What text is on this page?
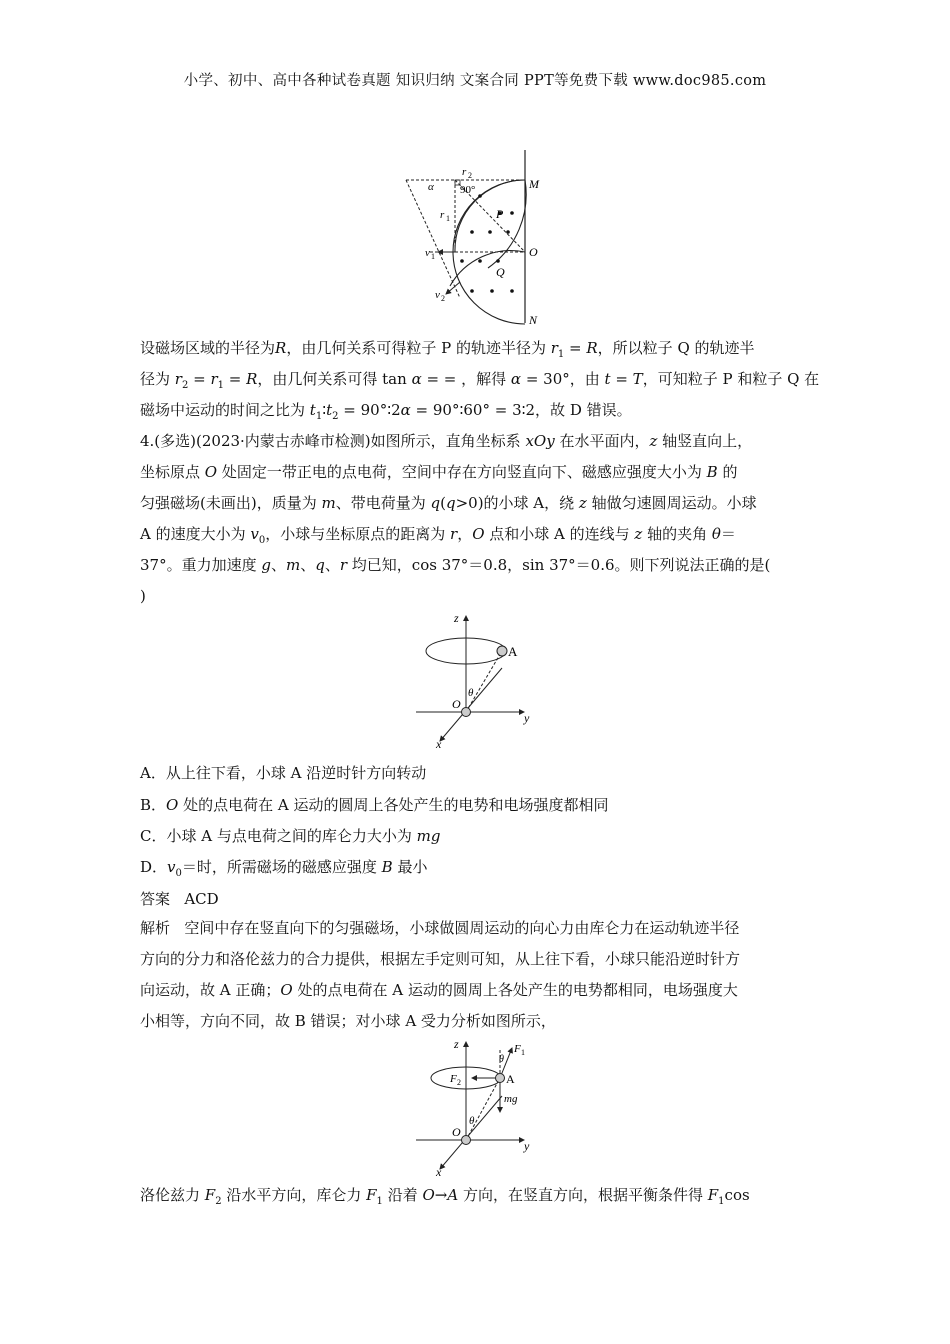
小学、初中、高中各种试卷真题 知识归纳 文案合同 PPT等免费下载 www.doc985.com
α
r 2
90°	M
r 1	P
v 1	O
Q
v 2
N
设磁场区域的半径为R，由几何关系可得粒子 P 的轨迹半径为 $r_1 = R$，所以粒子 Q 的轨迹半
径为 $r_2 = r_1 = R$，由几何关系可得 tan α = = ，解得 α = 30°，由 t = T，可知粒子 P 和粒子 Q 在
磁场中运动的时间之比为 $t_1∶t_2$ = 90°∶2α = 90°∶60° = 3∶2，故 D 错误。
4.(多选)(2023·内蒙古赤峰市检测)如图所示，直角坐标系 xOy 在水平面内，z 轴竖直向上，
坐标原点 O 处固定一带正电的点电荷，空间中存在方向竖直向下、磁感应强度大小为 B 的
匀强磁场(未画出)，质量为 m、带电荷量为 q(q>0)的小球 A，绕 z 轴做匀速圆周运动。小球
A 的速度大小为 $v_0$，小球与坐标原点的距离为 r，O 点和小球 A 的连线与 z 轴的夹角 θ＝
37°。重力加速度 g、m、q、r 均已知，cos 37°＝0.8，sin 37°＝0.6。则下列说法正确的是(
)
z
A
θ
O
y
x
A．从上往下看，小球 A 沿逆时针方向转动
B．O 处的点电荷在 A 运动的圆周上各处产生的电势和电场强度都相同
C．小球 A 与点电荷之间的库仑力大小为 mg
D．$v_0=$时，所需磁场的磁感应强度 B 最小
答案 ACD
解析 空间中存在竖直向下的匀强磁场，小球做圆周运动的向心力由库仑力在运动轨迹半径
方向的分力和洛伦兹力的合力提供，根据左手定则可知，从上往下看，小球只能沿逆时针方
向运动，故 A 正确；O 处的点电荷在 A 运动的圆周上各处产生的电势都相同，电场强度大
小相等，方向不同，故 B 错误；对小球 A 受力分析如图所示，
z
θ
F 1
F 2	A
mg
θ
O
y
x
洛伦兹力 $F_2$ 沿水平方向，库仑力 $F_1$ 沿着 O→A 方向，在竖直方向，根据平衡条件得 $F_1\cos$
